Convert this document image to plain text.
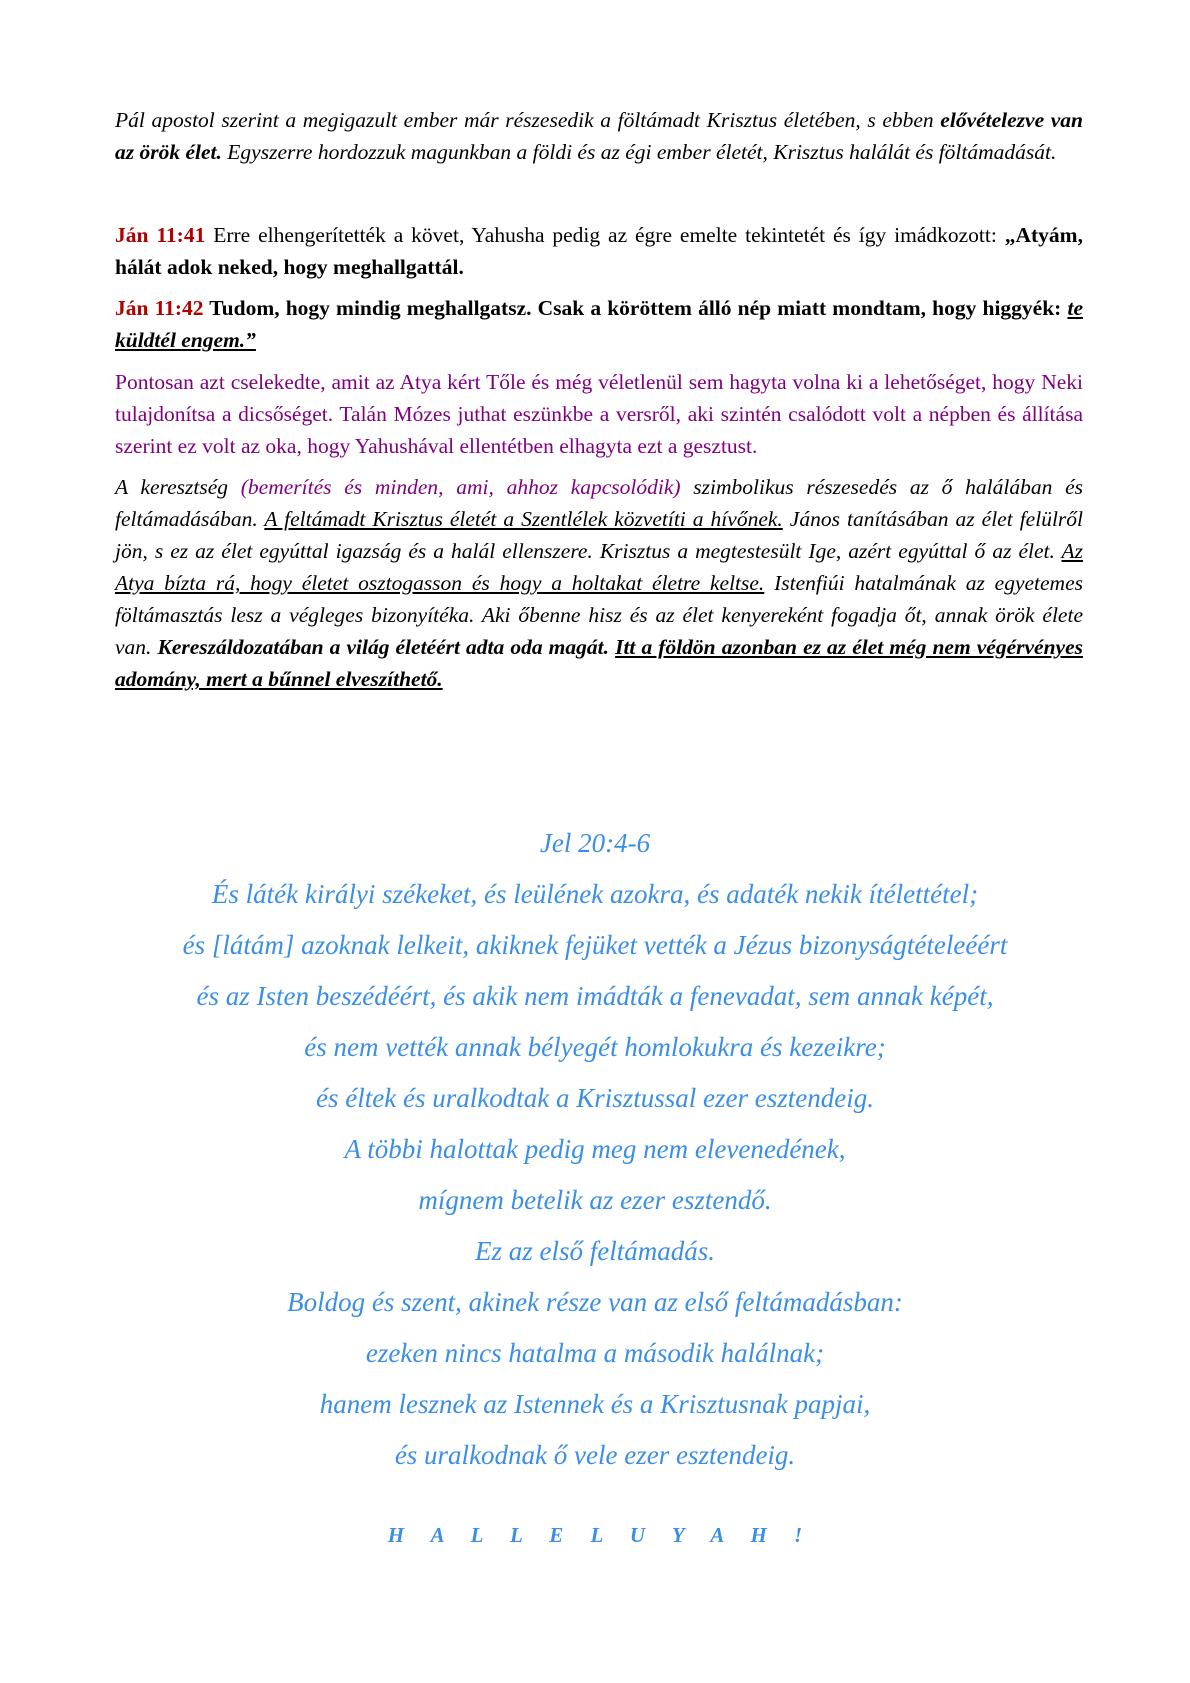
Pál apostol szerint a megigazult ember már részesedik a föltámadt Krisztus életében, s ebben elővételezve van az örök élet. Egyszerre hordozzuk magunkban a földi és az égi ember életét, Krisztus halálát és föltámadását.

Ján 11:41 Erre elhengerítették a követ, Yahusha pedig az égre emelte tekintetét és így imádkozott: „Atyám, hálát adok neked, hogy meghallgattál.

Ján 11:42 Tudom, hogy mindig meghallgatsz. Csak a köröttem álló nép miatt mondtam, hogy higgyék: te küldtél engem.”

Pontosan azt cselekedte, amit az Atya kért Tőle és még véletlenül sem hagyta volna ki a lehetőséget, hogy Neki tulajdonítsa a dicsőséget. Talán Mózes juthat eszünkbe a versről, aki szintén csalódott volt a népben és állítása szerint ez volt az oka, hogy Yahushával ellentétben elhagyta ezt a gesztust.

A keresztség (bemerítés és minden, ami, ahhoz kapcsolódik) szimbolikus részesedés az ő halálában és feltámadásában. A feltámadt Krisztus életét a Szentlélek közvetíti a hívőnek. János tanításában az élet felülről jön, s ez az élet egyúttal igazság és a halál ellenszere. Krisztus a megtestesült Ige, azért egyúttal ő az élet. Az Atya bízta rá, hogy életet osztogasson és hogy a holtakat életre keltse. Istenfiúi hatalmának az egyetemes föltámasztás lesz a végleges bizonyítéka. Aki őbenne hisz és az élet kenyereként fogadja őt, annak örök élete van. Kereszáldozatában a világ életéért adta oda magát. Itt a földön azonban ez az élet még nem végérvényes adomány, mert a bűnnel elveszíthető.

Jel 20:4-6
És láték királyi székeket, és leülének azokra, és adaték nekik ítélettétel;
és [látám] azoknak lelkeit, akiknek fejüket vették a Jézus bizonyságtételeéért
és az Isten beszédéért, és akik nem imádták a fenevadat, sem annak képét,
és nem vették annak bélyegét homlokukra és kezeikre;
és éltek és uralkodtak a Krisztussal ezer esztendeig.
A többi halottak pedig meg nem elevenedének,
mígnem betelik az ezer esztendő.
Ez az első feltámadás.
Boldog és szent, akinek része van az első feltámadásban:
ezeken nincs hatalma a második halálnak;
hanem lesznek az Istennek és a Krisztusnak papjai,
és uralkodnak ő vele ezer esztendeig.
H A L L E L U Y A H !
